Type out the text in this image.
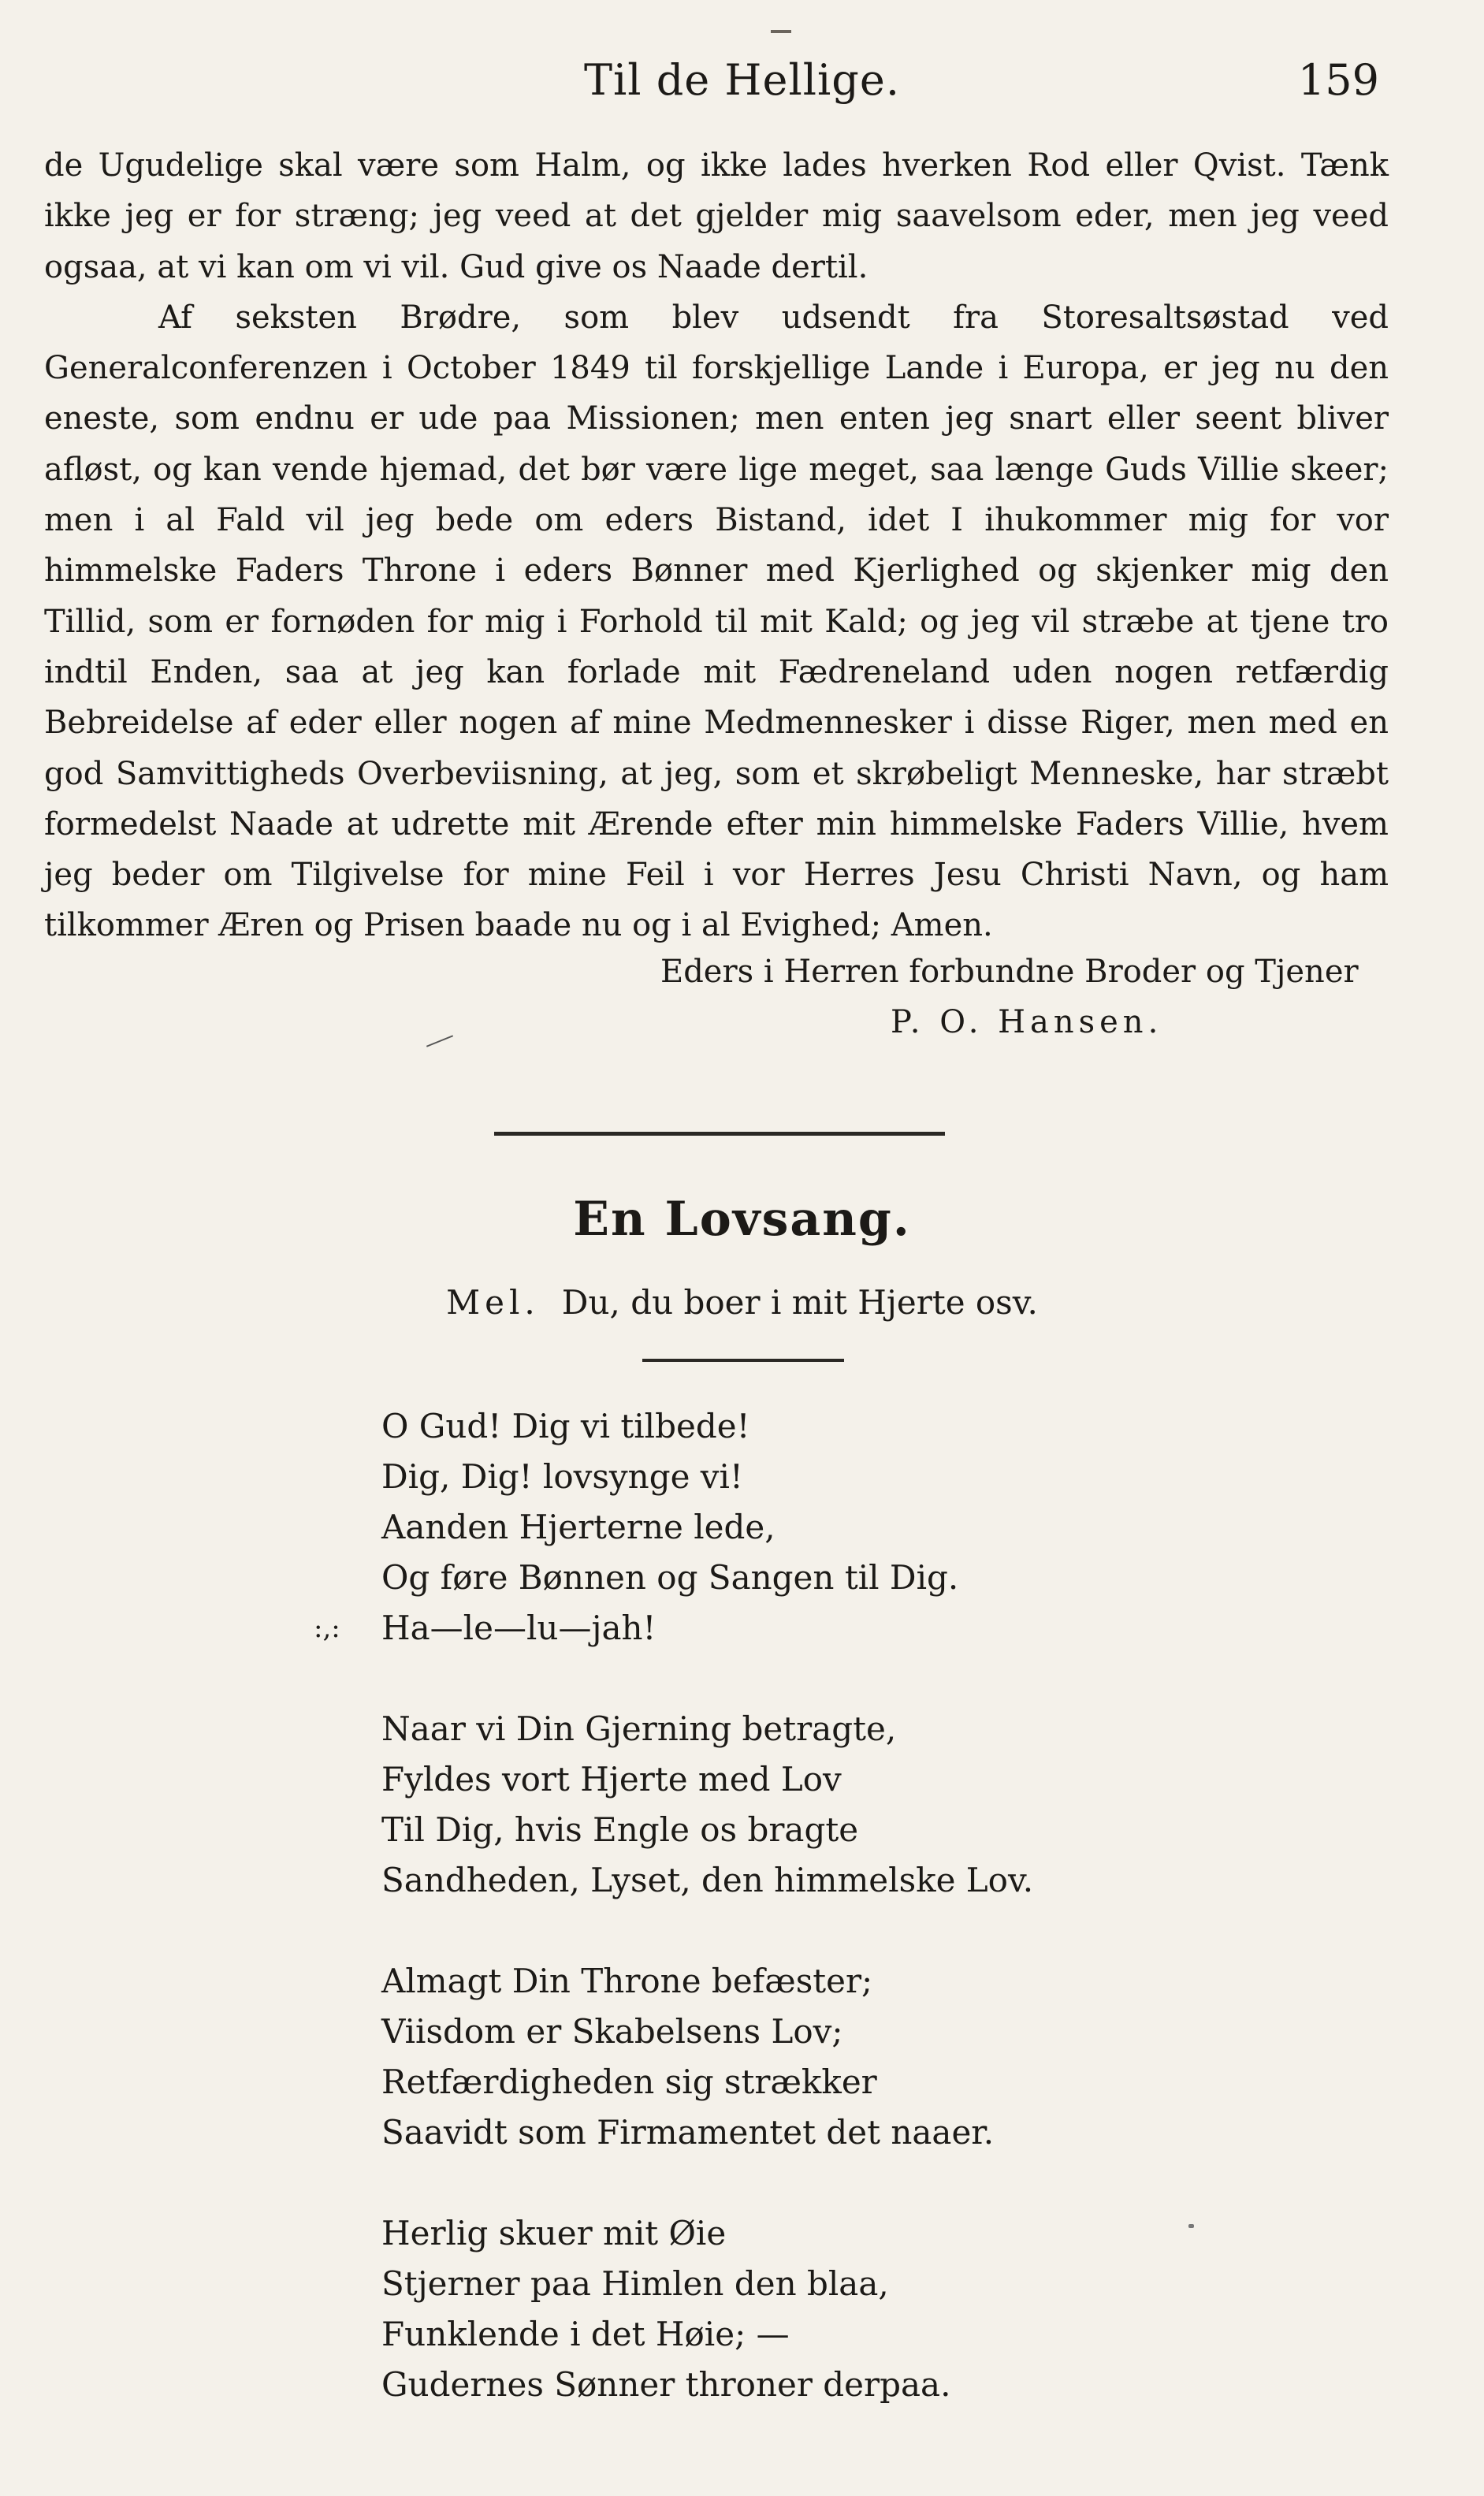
Til de Hellige.	159

de Ugudelige skal være som Halm, og ikke lades hverken Rod eller Qvist. Tænk ikke jeg er for stræng; jeg veed at det gjelder mig saavelsom eder, men jeg veed ogsaa, at vi kan om vi vil. Gud give os Naade dertil.

Af seksten Brødre, som blev udsendt fra Storesaltsøstad ved Generalconferenzen i October 1849 til forskjellige Lande i Europa, er jeg nu den eneste, som endnu er ude paa Missionen; men enten jeg snart eller seent bliver afløst, og kan vende hjemad, det bør være lige meget, saa længe Guds Villie skeer; men i al Fald vil jeg bede om eders Bistand, idet I ihukommer mig for vor himmelske Faders Throne i eders Bønner med Kjerlighed og skjenker mig den Tillid, som er fornøden for mig i Forhold til mit Kald; og jeg vil stræbe at tjene tro indtil Enden, saa at jeg kan forlade mit Fædreneland uden nogen retfærdig Bebreidelse af eder eller nogen af mine Medmennesker i disse Riger, men med en god Samvittigheds Overbeviisning, at jeg, som et skrøbeligt Menneske, har stræbt formedelst Naade at udrette mit Ærende efter min himmelske Faders Villie, hvem jeg beder om Tilgivelse for mine Feil i vor Herres Jesu Christi Navn, og ham tilkommer Æren og Prisen baade nu og i al Evighed; Amen.

Eders i Herren forbundne Broder og Tjener
P. O. Hansen.
En Lovsang.
Mel. Du, du boer i mit Hjerte osv.
O Gud! Dig vi tilbede!
Dig, Dig! lovsynge vi!
Aanden Hjerterne lede,
Og føre Bønnen og Sangen til Dig.
:,: Ha—le—lu—jah!
Naar vi Din Gjerning betragte,
Fyldes vort Hjerte med Lov
Til Dig, hvis Engle os bragte
Sandheden, Lyset, den himmelske Lov.
Almagt Din Throne befæster;
Viisdom er Skabelsens Lov;
Retfærdigheden sig strækker
Saavidt som Firmamentet det naaer.
Herlig skuer mit Øie
Stjerner paa Himlen den blaa,
Funklende i det Høie; —
Gudernes Sønner throner derpaa.
